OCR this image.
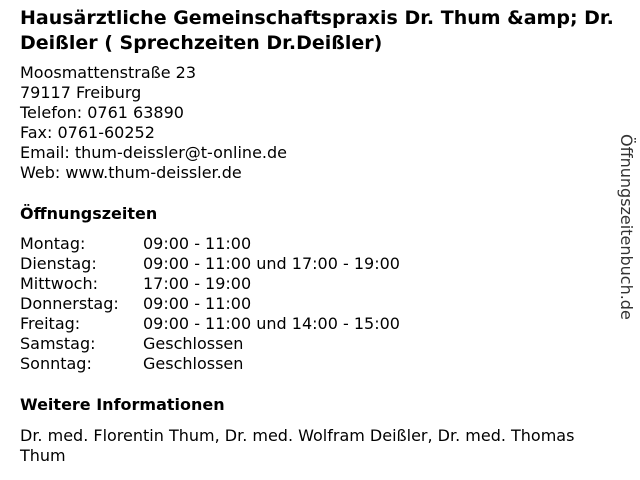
Hausärztliche Gemeinschaftspraxis Dr. Thum &amp; Dr. Deißler ( Sprechzeiten Dr.Deißler)
Moosmattenstraße 23
79117 Freiburg
Telefon: 0761 63890
Fax: 0761-60252
Email: thum-deissler@t-online.de
Web: www.thum-deissler.de
Öffnungszeiten
Montag:	09:00 - 11:00
Dienstag:	09:00 - 11:00 und 17:00 - 19:00
Mittwoch:	17:00 - 19:00
Donnerstag:	09:00 - 11:00
Freitag:	09:00 - 11:00 und 14:00 - 15:00
Samstag:	Geschlossen
Sonntag:	Geschlossen
Weitere Informationen
Dr. med. Florentin Thum, Dr. med. Wolfram Deißler, Dr. med. Thomas Thum
Öffnungszeitenbuch.de
